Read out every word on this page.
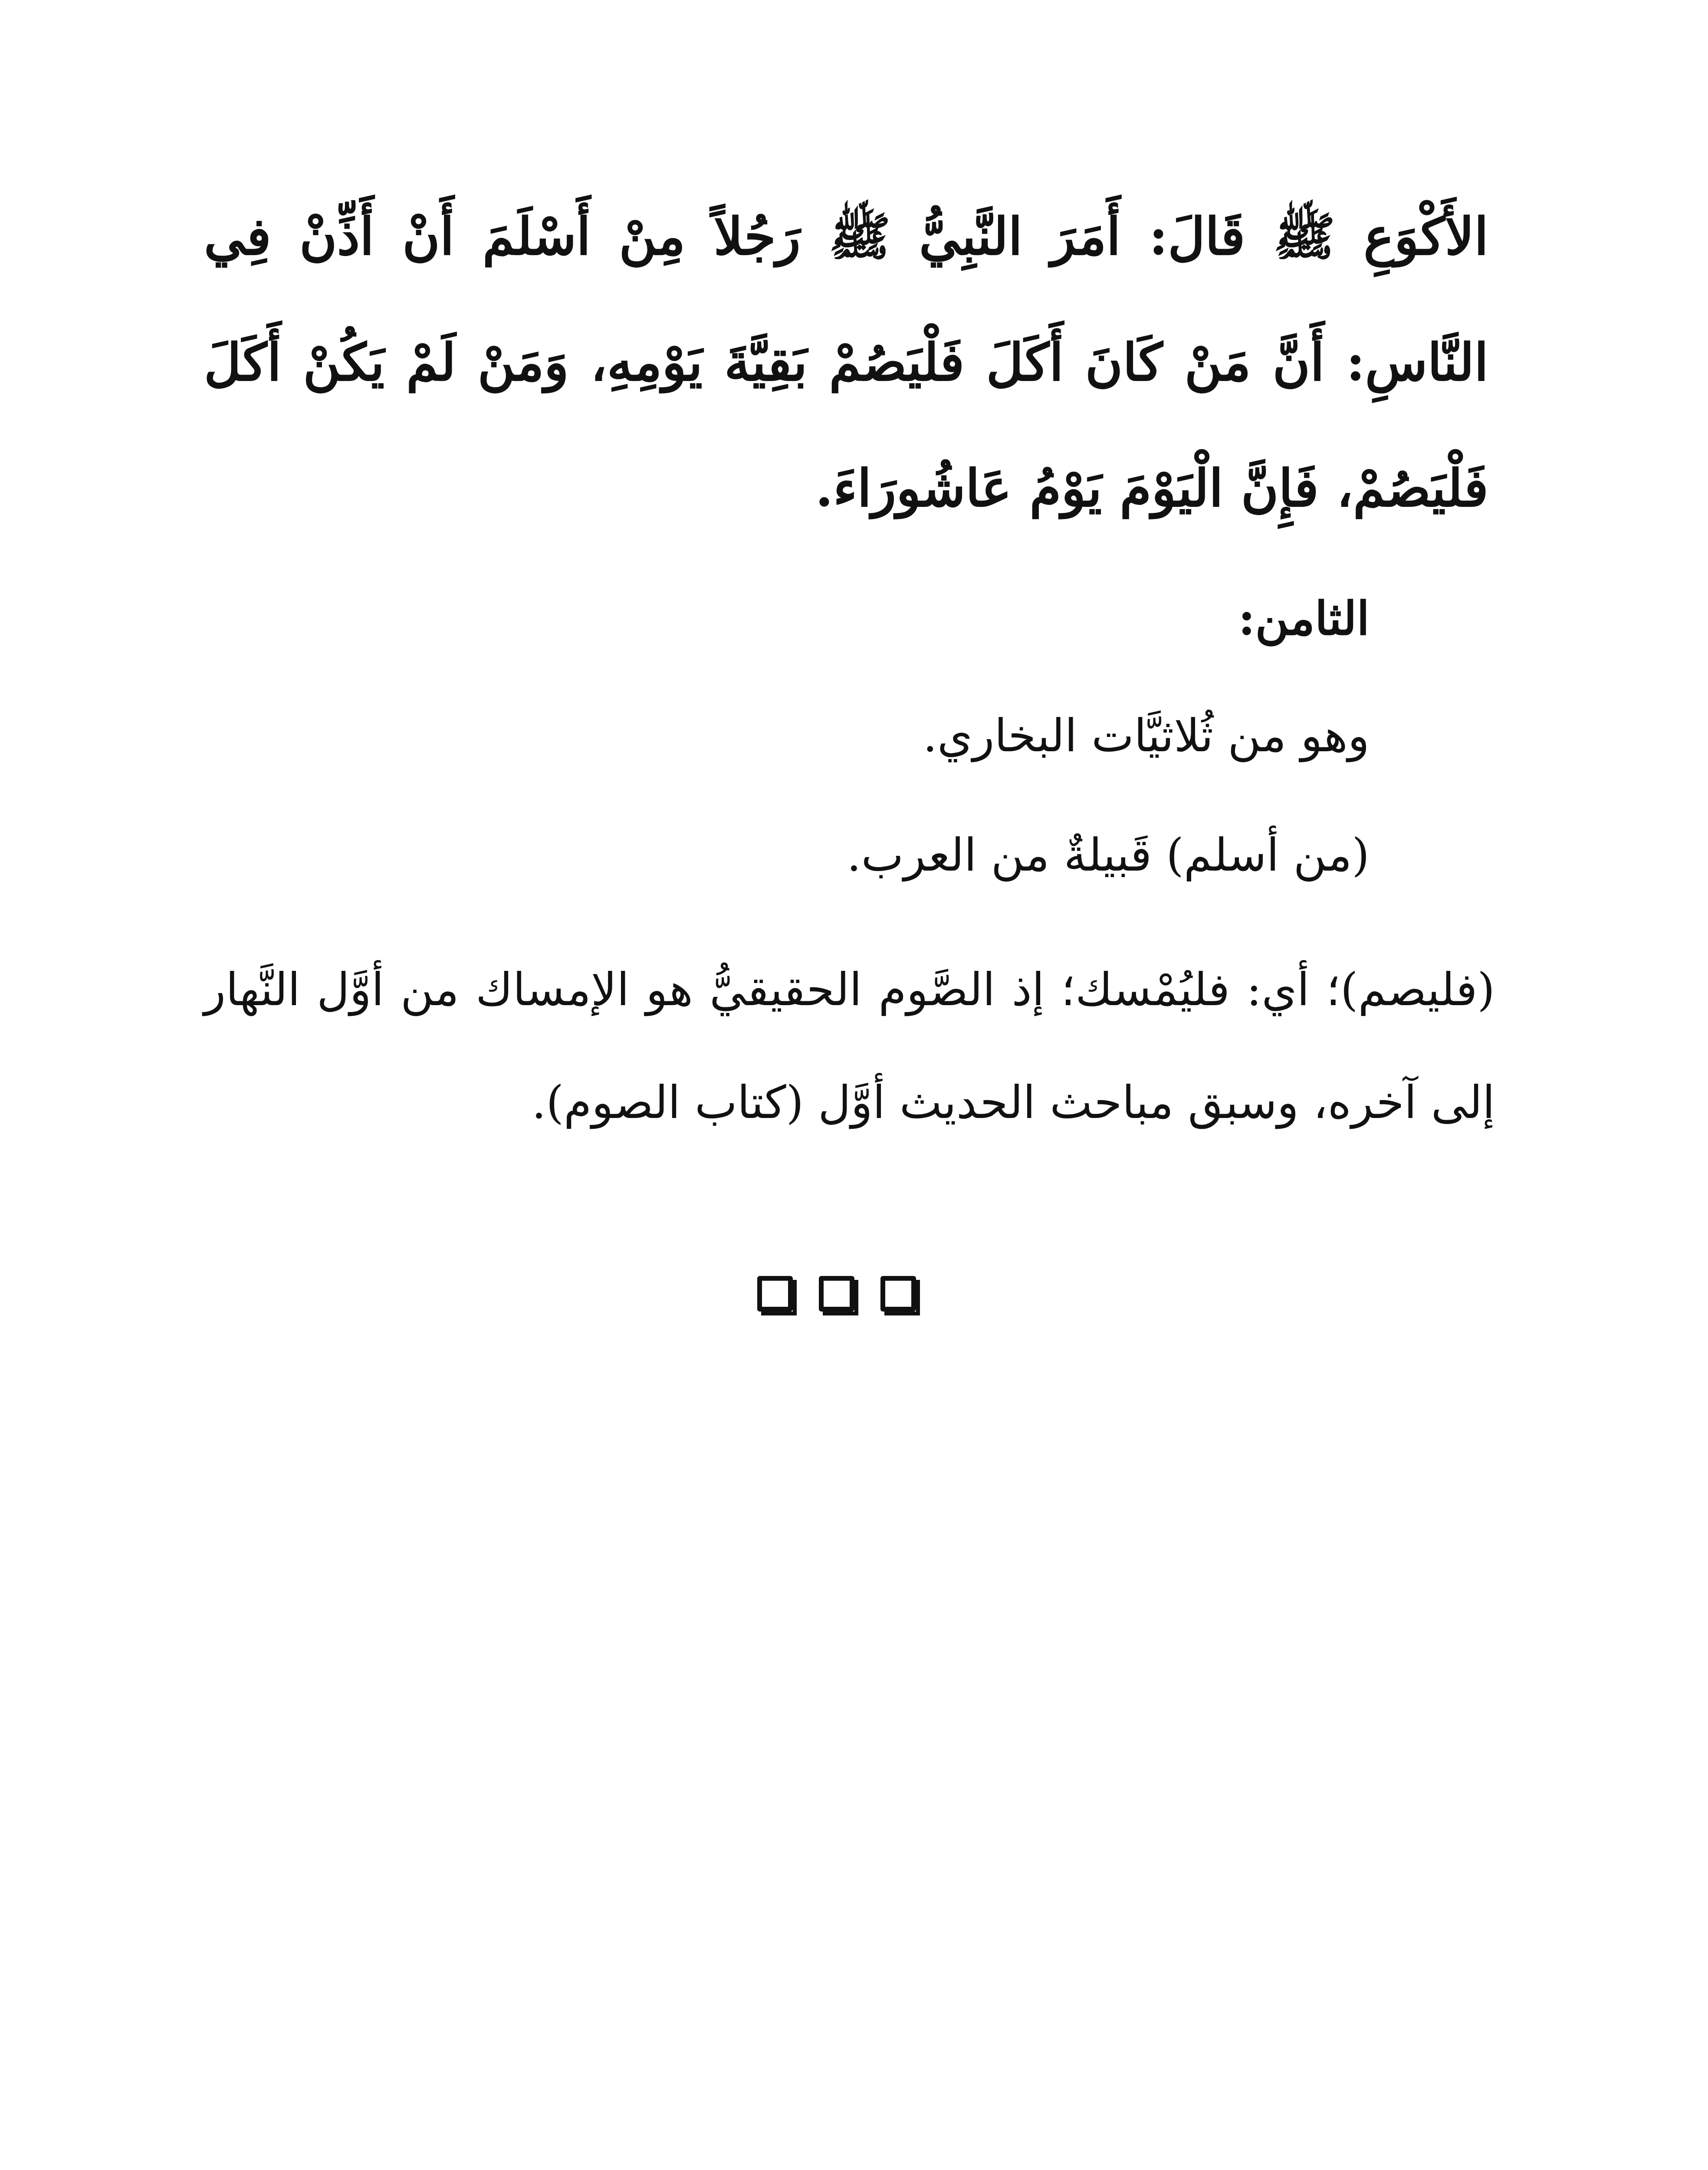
الأَكْوَعِ ﷺ قَالَ: أَمَرَ النَّبِيُّ ﷺ رَجُلاً مِنْ أَسْلَمَ أَنْ أَذِّنْ فِي النَّاسِ: أَنَّ مَنْ كَانَ أَكَلَ فَلْيَصُمْ بَقِيَّةَ يَوْمِهِ، وَمَنْ لَمْ يَكُنْ أَكَلَ فَلْيَصُمْ، فَإِنَّ الْيَوْمَ يَوْمُ عَاشُورَاءَ.

الثامن:

وهو من ثُلاثيَّات البخاري.

(من أسلم) قَبيلةٌ من العرب.

(فليصم)؛ أي: فليُمْسك؛ إذ الصَّوم الحقيقيُّ هو الإمساك من أوَّل النَّهار إلى آخره، وسبق مباحث الحديث أوَّل (كتاب الصوم).
